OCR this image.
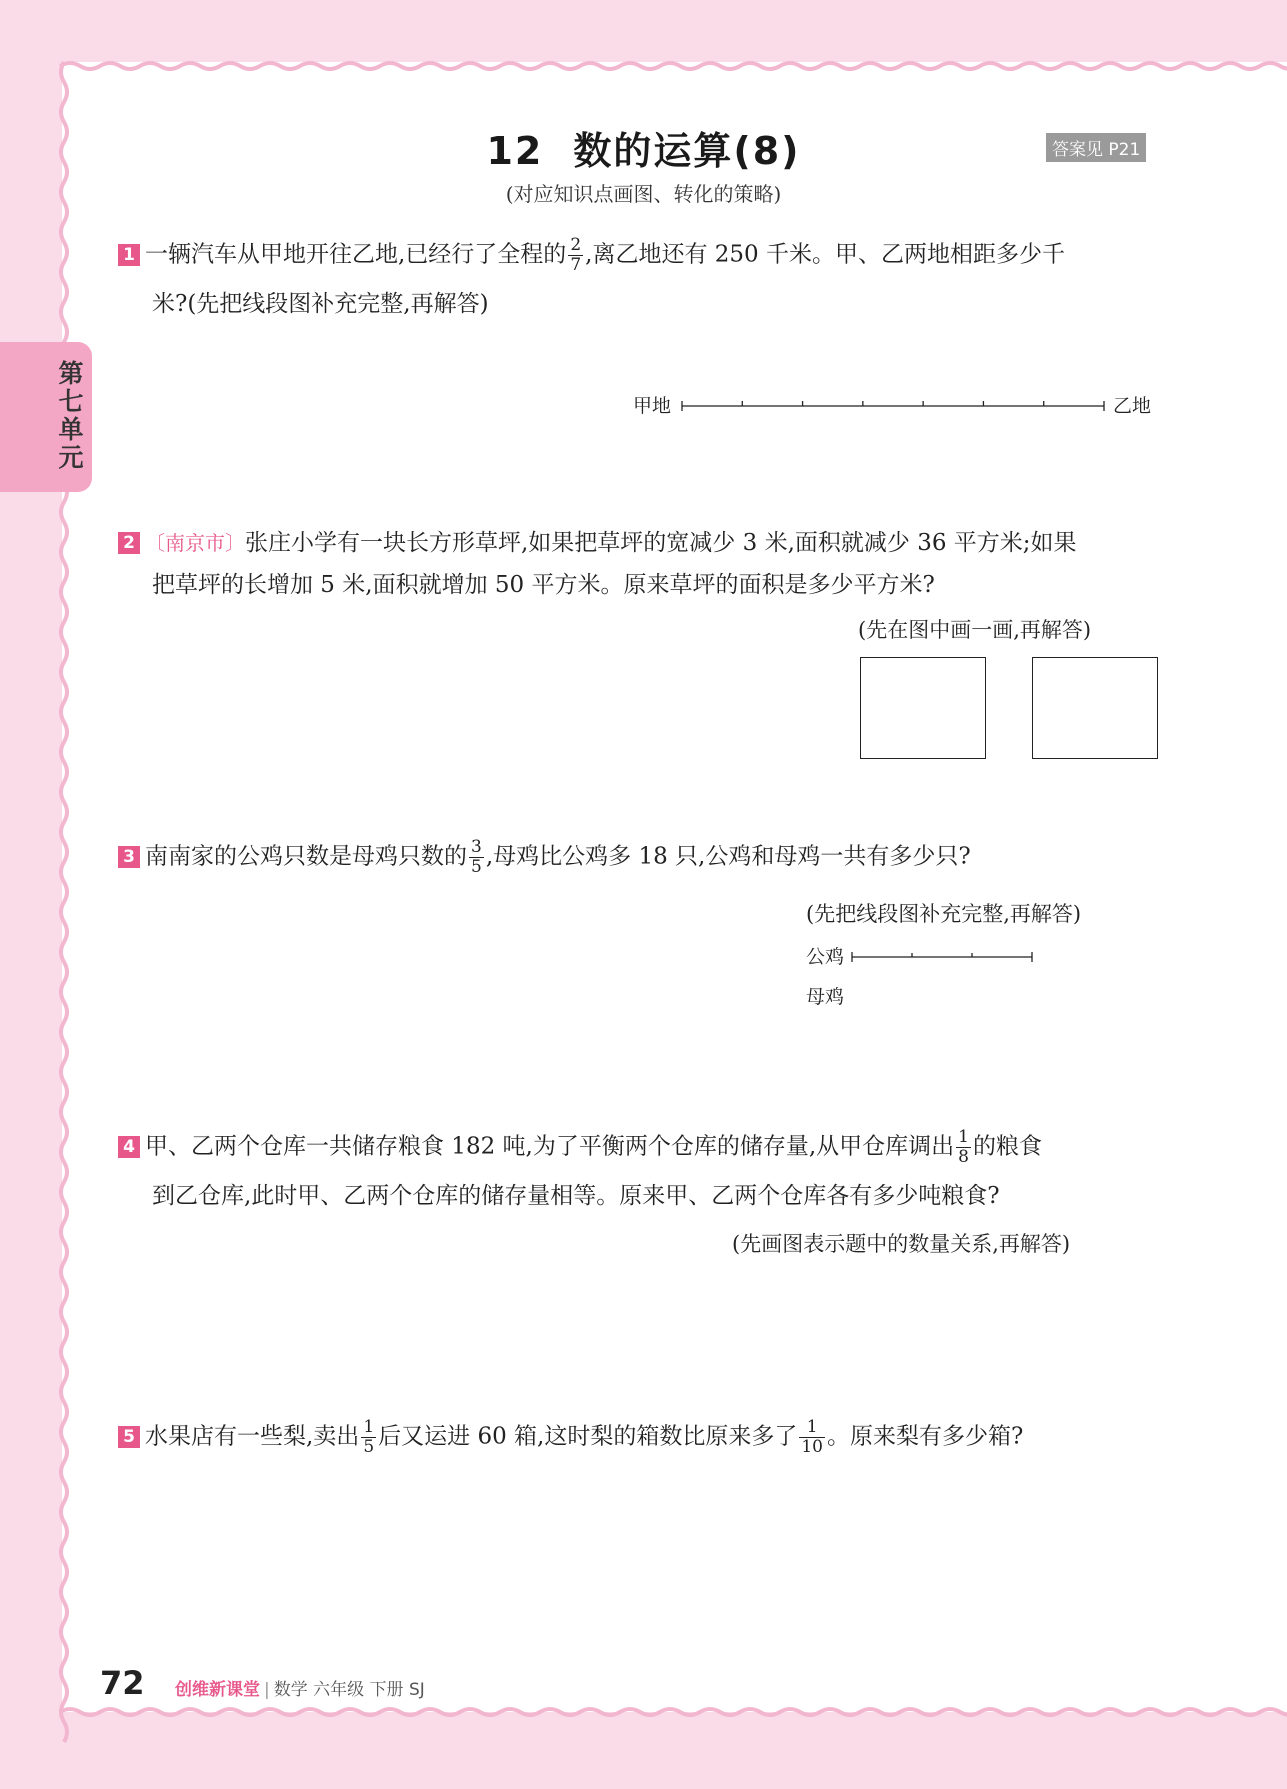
12 数的运算(8)	答案见 P21
(对应知识点画图、转化的策略)
第七单元
1 一辆汽车从甲地开往乙地,已经行了全程的 $\frac{2}{7}$ ,离乙地还有 250 千米。甲、乙两地相距多少千
米?(先把线段图补充完整,再解答)
甲地	乙地
2 〔南京市〕张庄小学有一块长方形草坪,如果把草坪的宽减少 3 米,面积就减少 36 平方米;如果
把草坪的长增加 5 米,面积就增加 50 平方米。原来草坪的面积是多少平方米?
(先在图中画一画,再解答)
3 南南家的公鸡只数是母鸡只数的 $\frac{3}{5}$ ,母鸡比公鸡多 18 只,公鸡和母鸡一共有多少只?
(先把线段图补充完整,再解答)
公鸡
母鸡
4 甲、乙两个仓库一共储存粮食 182 吨,为了平衡两个仓库的储存量,从甲仓库调出 $\frac{1}{8}$ 的粮食
到乙仓库,此时甲、乙两个仓库的储存量相等。原来甲、乙两个仓库各有多少吨粮食?
(先画图表示题中的数量关系,再解答)
5 水果店有一些梨,卖出 $\frac{1}{5}$ 后又运进 60 箱,这时梨的箱数比原来多了 $\frac{1}{10}$ 。原来梨有多少箱?
72 创维新课堂 | 数学 六年级 下册 SJ
